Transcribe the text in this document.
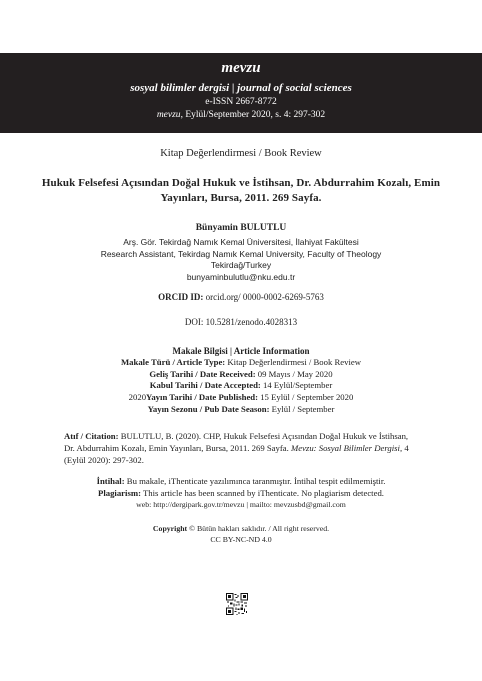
mevzu
sosyal bilimler dergisi | journal of social sciences
e-ISSN 2667-8772
mevzu, Eylül/September 2020, s. 4: 297-302
Kitap Değerlendirmesi / Book Review
Hukuk Felsefesi Açısından Doğal Hukuk ve İstihsan, Dr. Abdurrahim Kozalı, Emin Yayınları, Bursa, 2011. 269 Sayfa.
Bünyamin BULUTLU
Arş. Gör. Tekirdağ Namık Kemal Üniversitesi, İlahiyat Fakültesi
Research Assistant, Tekirdag Namık Kemal University, Faculty of Theology
Tekirdağ/Turkey
bunyaminbulutlu@nku.edu.tr
ORCID ID: orcid.org/ 0000-0002-6269-5763
DOI: 10.5281/zenodo.4028313
Makale Bilgisi | Article Information
Makale Türü / Article Type: Kitap Değerlendirmesi / Book Review
Geliş Tarihi / Date Received: 09 Mayıs / May 2020
Kabul Tarihi / Date Accepted: 14 Eylül/September
2020Yayın Tarihi / Date Published: 15 Eylül / September 2020
Yayın Sezonu / Pub Date Season: Eylül / September
Atıf / Citation: BULUTLU, B. (2020). CHP, Hukuk Felsefesi Açısından Doğal Hukuk ve İstihsan, Dr. Abdurrahim Kozalı, Emin Yayınları, Bursa, 2011. 269 Sayfa. Mevzu: Sosyal Bilimler Dergisi, 4 (Eylül 2020): 297-302.
İntihal: Bu makale, iThenticate yazılımınca taranmıştır. İntihal tespit edilmemiştir.
Plagiarism: This article has been scanned by iThenticate. No plagiarism detected.
web: http://dergipark.gov.tr/mevzu | mailto: mevzusbd@gmail.com
Copyright © Bütün hakları saklıdır. / All right reserved.
CC BY-NC-ND 4.0
